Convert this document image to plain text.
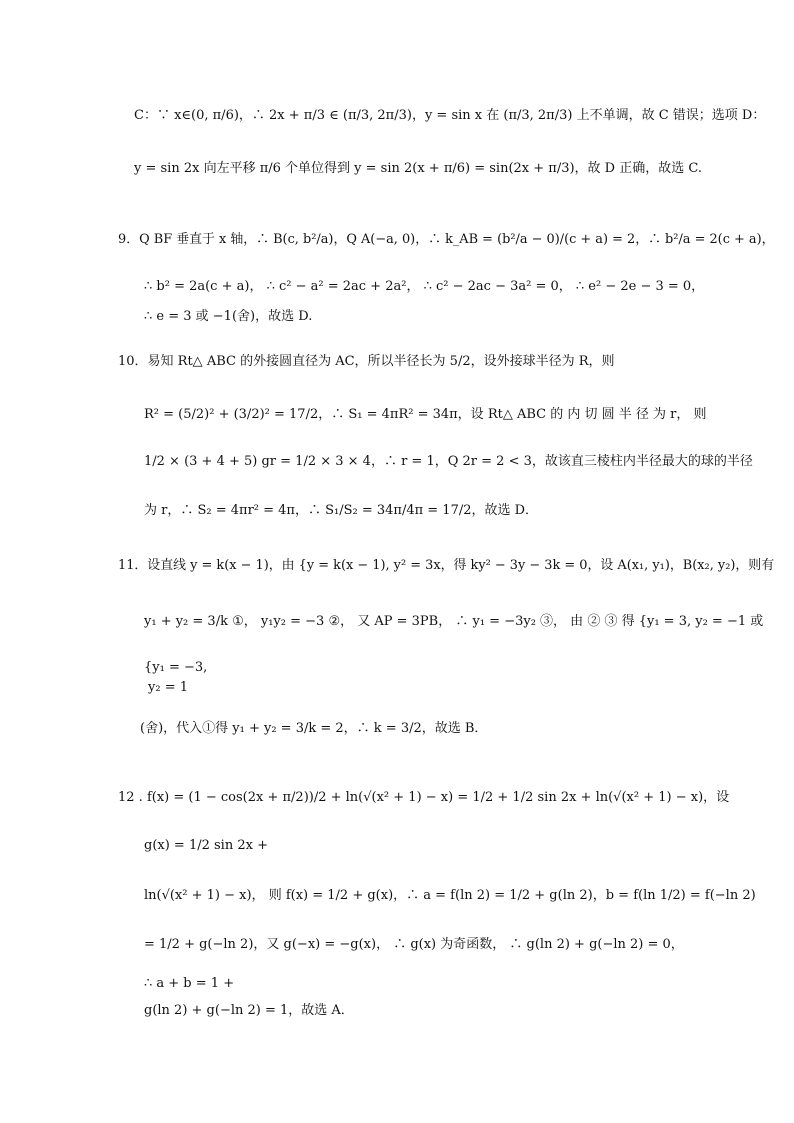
C：∵ x∈(0, π/6)，∴ 2x + π/3 ∈ (π/3, 2π/3)，y = sin x 在 (π/3, 2π/3) 上不单调，故 C 错误；选项 D：
y = sin 2x 向左平移 π/6 个单位得到 y = sin 2(x + π/6) = sin(2x + π/3)，故 D 正确，故选 C.
9．Q BF 垂直于 x 轴，∴ B(c, b²/a)，Q A(−a, 0)，∴ k_AB = (b²/a − 0)/(c + a) = 2，∴ b²/a = 2(c + a)，
∴ b² = 2a(c + a)， ∴ c² − a² = 2ac + 2a²， ∴ c² − 2ac − 3a² = 0， ∴ e² − 2e − 3 = 0，
∴ e = 3 或 −1(舍)，故选 D.
10．易知 Rt△ ABC 的外接圆直径为 AC，所以半径长为 5/2，设外接球半径为 R，则
R² = (5/2)² + (3/2)² = 17/2，∴ S₁ = 4πR² = 34π，设 Rt△ ABC 的 内 切 圆 半 径 为 r， 则
1/2 × (3 + 4 + 5) gr = 1/2 × 3 × 4，∴ r = 1，Q 2r = 2 < 3，故该直三棱柱内半径最大的球的半径
为 r，∴ S₂ = 4πr² = 4π，∴ S₁/S₂ = 34π/4π = 17/2，故选 D．
11．设直线 y = k(x − 1)，由 {y = k(x − 1), y² = 3x，得 ky² − 3y − 3k = 0，设 A(x₁, y₁)，B(x₂, y₂)，则有
y₁ + y₂ = 3/k ①， y₁y₂ = −3 ②， 又 AP = 3PB， ∴ y₁ = −3y₂ ③， 由 ② ③ 得 {y₁ = 3, y₂ = −1 或
{y₁ = −3,
y₂ = 1
(舍)，代入①得 y₁ + y₂ = 3/k = 2，∴ k = 3/2，故选 B．
12 . f(x) = (1 − cos(2x + π/2))/2 + ln(√(x² + 1) − x) = 1/2 + 1/2 sin 2x + ln(√(x² + 1) − x)，设
g(x) = 1/2 sin 2x +
ln(√(x² + 1) − x)， 则 f(x) = 1/2 + g(x)，∴ a = f(ln 2) = 1/2 + g(ln 2)，b = f(ln 1/2) = f(−ln 2)
= 1/2 + g(−ln 2)，又 g(−x) = −g(x)， ∴ g(x) 为奇函数， ∴ g(ln 2) + g(−ln 2) = 0，
∴ a + b = 1 +
g(ln 2) + g(−ln 2) = 1，故选 A．
